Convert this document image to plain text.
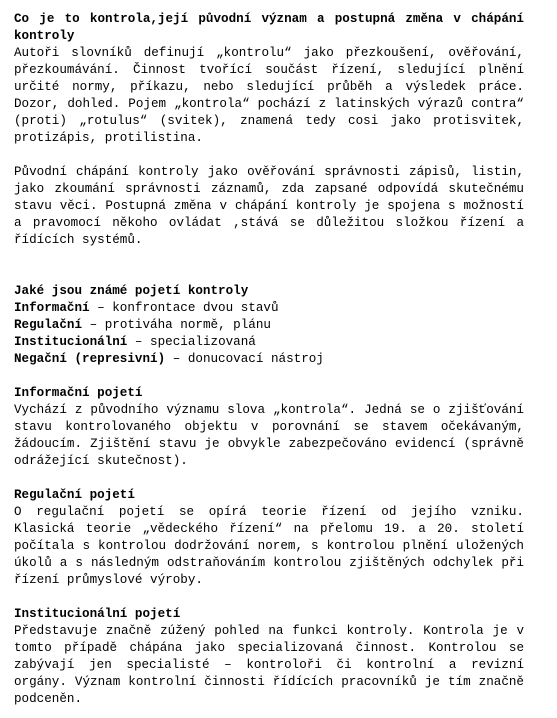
Co je to kontrola,její původní význam a postupná změna v chápání kontroly
Autoři slovníků definují „kontrolu“ jako přezkoušení, ověřování, přezkoumávání. Činnost tvořící součást řízení, sledující plnění určité normy, příkazu, nebo sledující průběh a výsledek práce. Dozor, dohled. Pojem „kontrola“ pochází z latinských výrazů contra“ (proti) „rotulus“ (svitek), znamená tedy cosi jako protisvitek, protizápis, protilistina.
Původní chápání kontroly jako ověřování správnosti zápisů, listin, jako zkoumání správnosti záznamů, zda zapsané odpovídá skutečnému stavu věci. Postupná změna v chápání kontroly je spojena s možností a pravomocí někoho ovládat ,stává se důležitou složkou řízení a řídících systémů.
Jaké jsou známé pojetí kontroly
Informační – konfrontace dvou stavů
Regulační – protiváha normě, plánu
Institucionální – specializovaná
Negační (represivní) – donucovací nástroj
Informační pojetí
Vychází z původního významu slova „kontrola“. Jedná se o zjišťování stavu kontrolovaného objektu v porovnání se stavem očekávaným, žádoucím. Zjištění stavu je obvykle zabezpečováno evidencí (správně odrážející skutečnost).
Regulační pojetí
O regulační pojetí se opírá teorie řízení od jejího vzniku. Klasická teorie „vědeckého řízení“ na přelomu 19. a 20. století počítala s kontrolou dodržování norem, s kontrolou plnění uložených úkolů a s následným odstraňováním kontrolou zjištěných odchylek při řízení průmyslové výroby.
Institucionální pojetí
Představuje značně zúžený pohled na funkci kontroly. Kontrola je v tomto případě chápána jako specializovaná činnost. Kontrolou se zabývají jen specialisté – kontroloři či kontrolní a revizní orgány. Význam kontrolní činnosti řídících pracovníků je tím značně podceněn.
